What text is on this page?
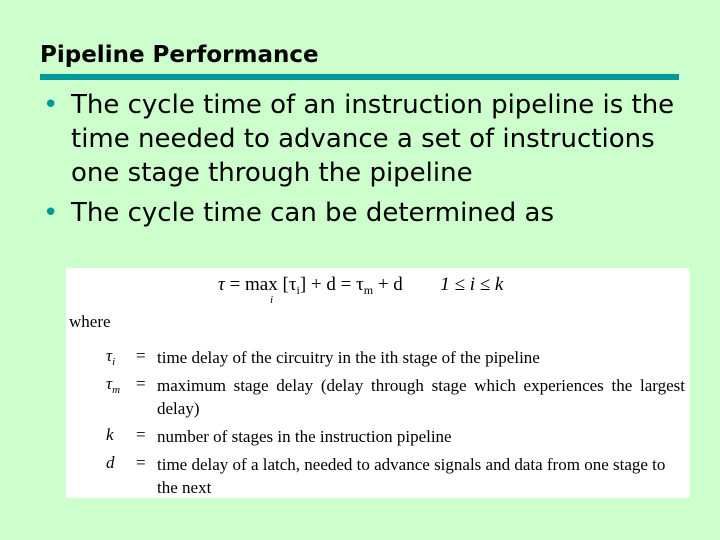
Pipeline Performance
• The cycle time of an instruction pipeline is the time needed to advance a set of instructions one stage through the pipeline
• The cycle time can be determined as
τ = max
i
$[\tau_i] + d = \tau_m + d$ 1 ≤ i ≤ k
where
$\tau_i$ = time delay of the circuitry in the ith stage of the pipeline
$\tau_m$ = maximum stage delay (delay through stage which experiences the largest delay)
k = number of stages in the instruction pipeline
d = time delay of a latch, needed to advance signals and data from one stage to the next
